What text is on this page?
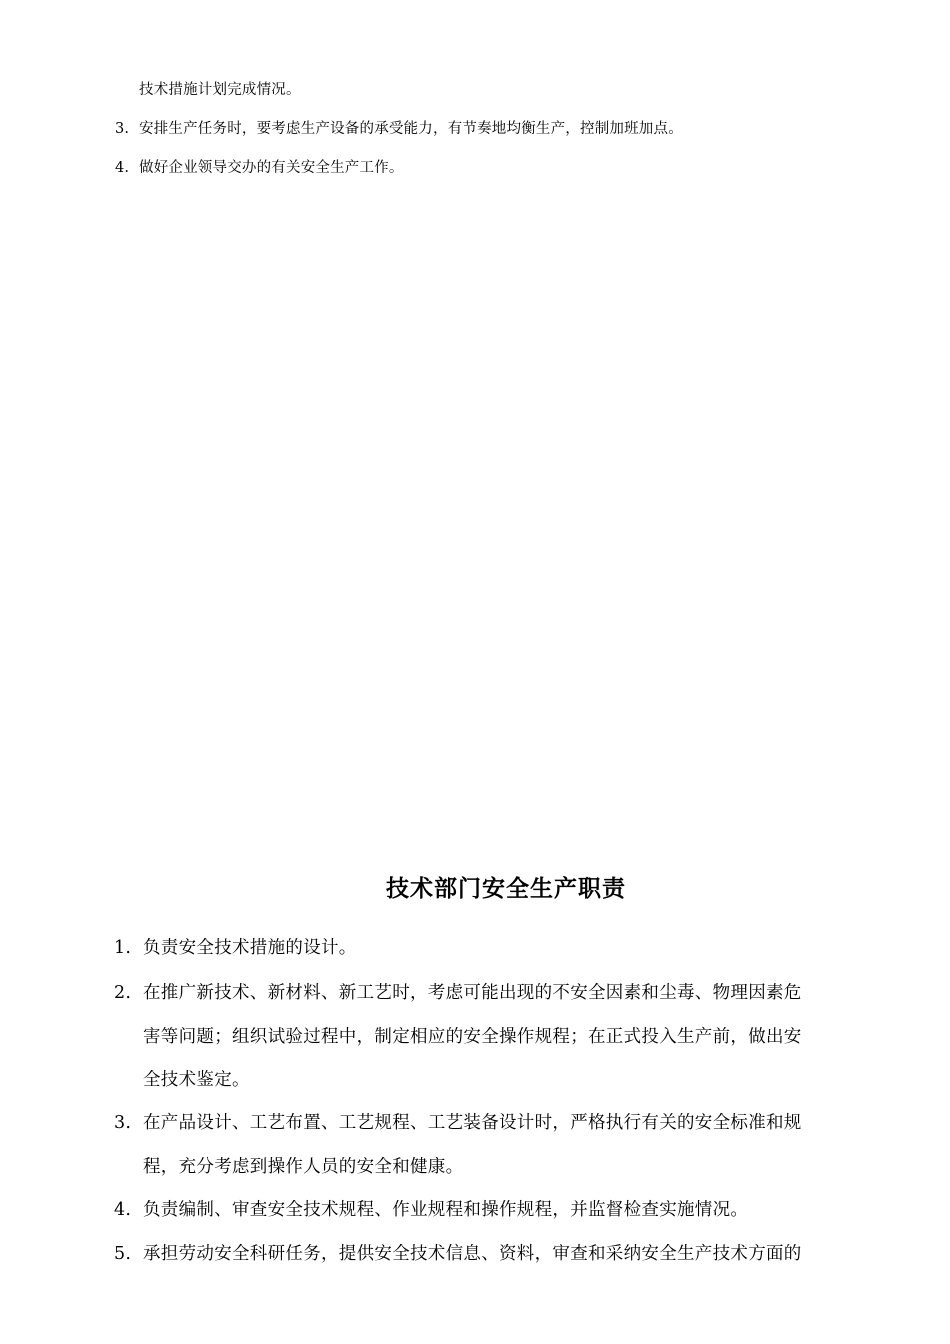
技术措施计划完成情况。
3. 安排生产任务时，要考虑生产设备的承受能力，有节奏地均衡生产，控制加班加点。
4. 做好企业领导交办的有关安全生产工作。
技术部门安全生产职责
1. 负责安全技术措施的设计。
2. 在推广新技术、新材料、新工艺时，考虑可能出现的不安全因素和尘毒、物理因素危
害等问题；组织试验过程中，制定相应的安全操作规程；在正式投入生产前，做出安
全技术鉴定。
3. 在产品设计、工艺布置、工艺规程、工艺装备设计时，严格执行有关的安全标准和规
程，充分考虑到操作人员的安全和健康。
4. 负责编制、审查安全技术规程、作业规程和操作规程，并监督检查实施情况。
5. 承担劳动安全科研任务，提供安全技术信息、资料，审查和采纳安全生产技术方面的
